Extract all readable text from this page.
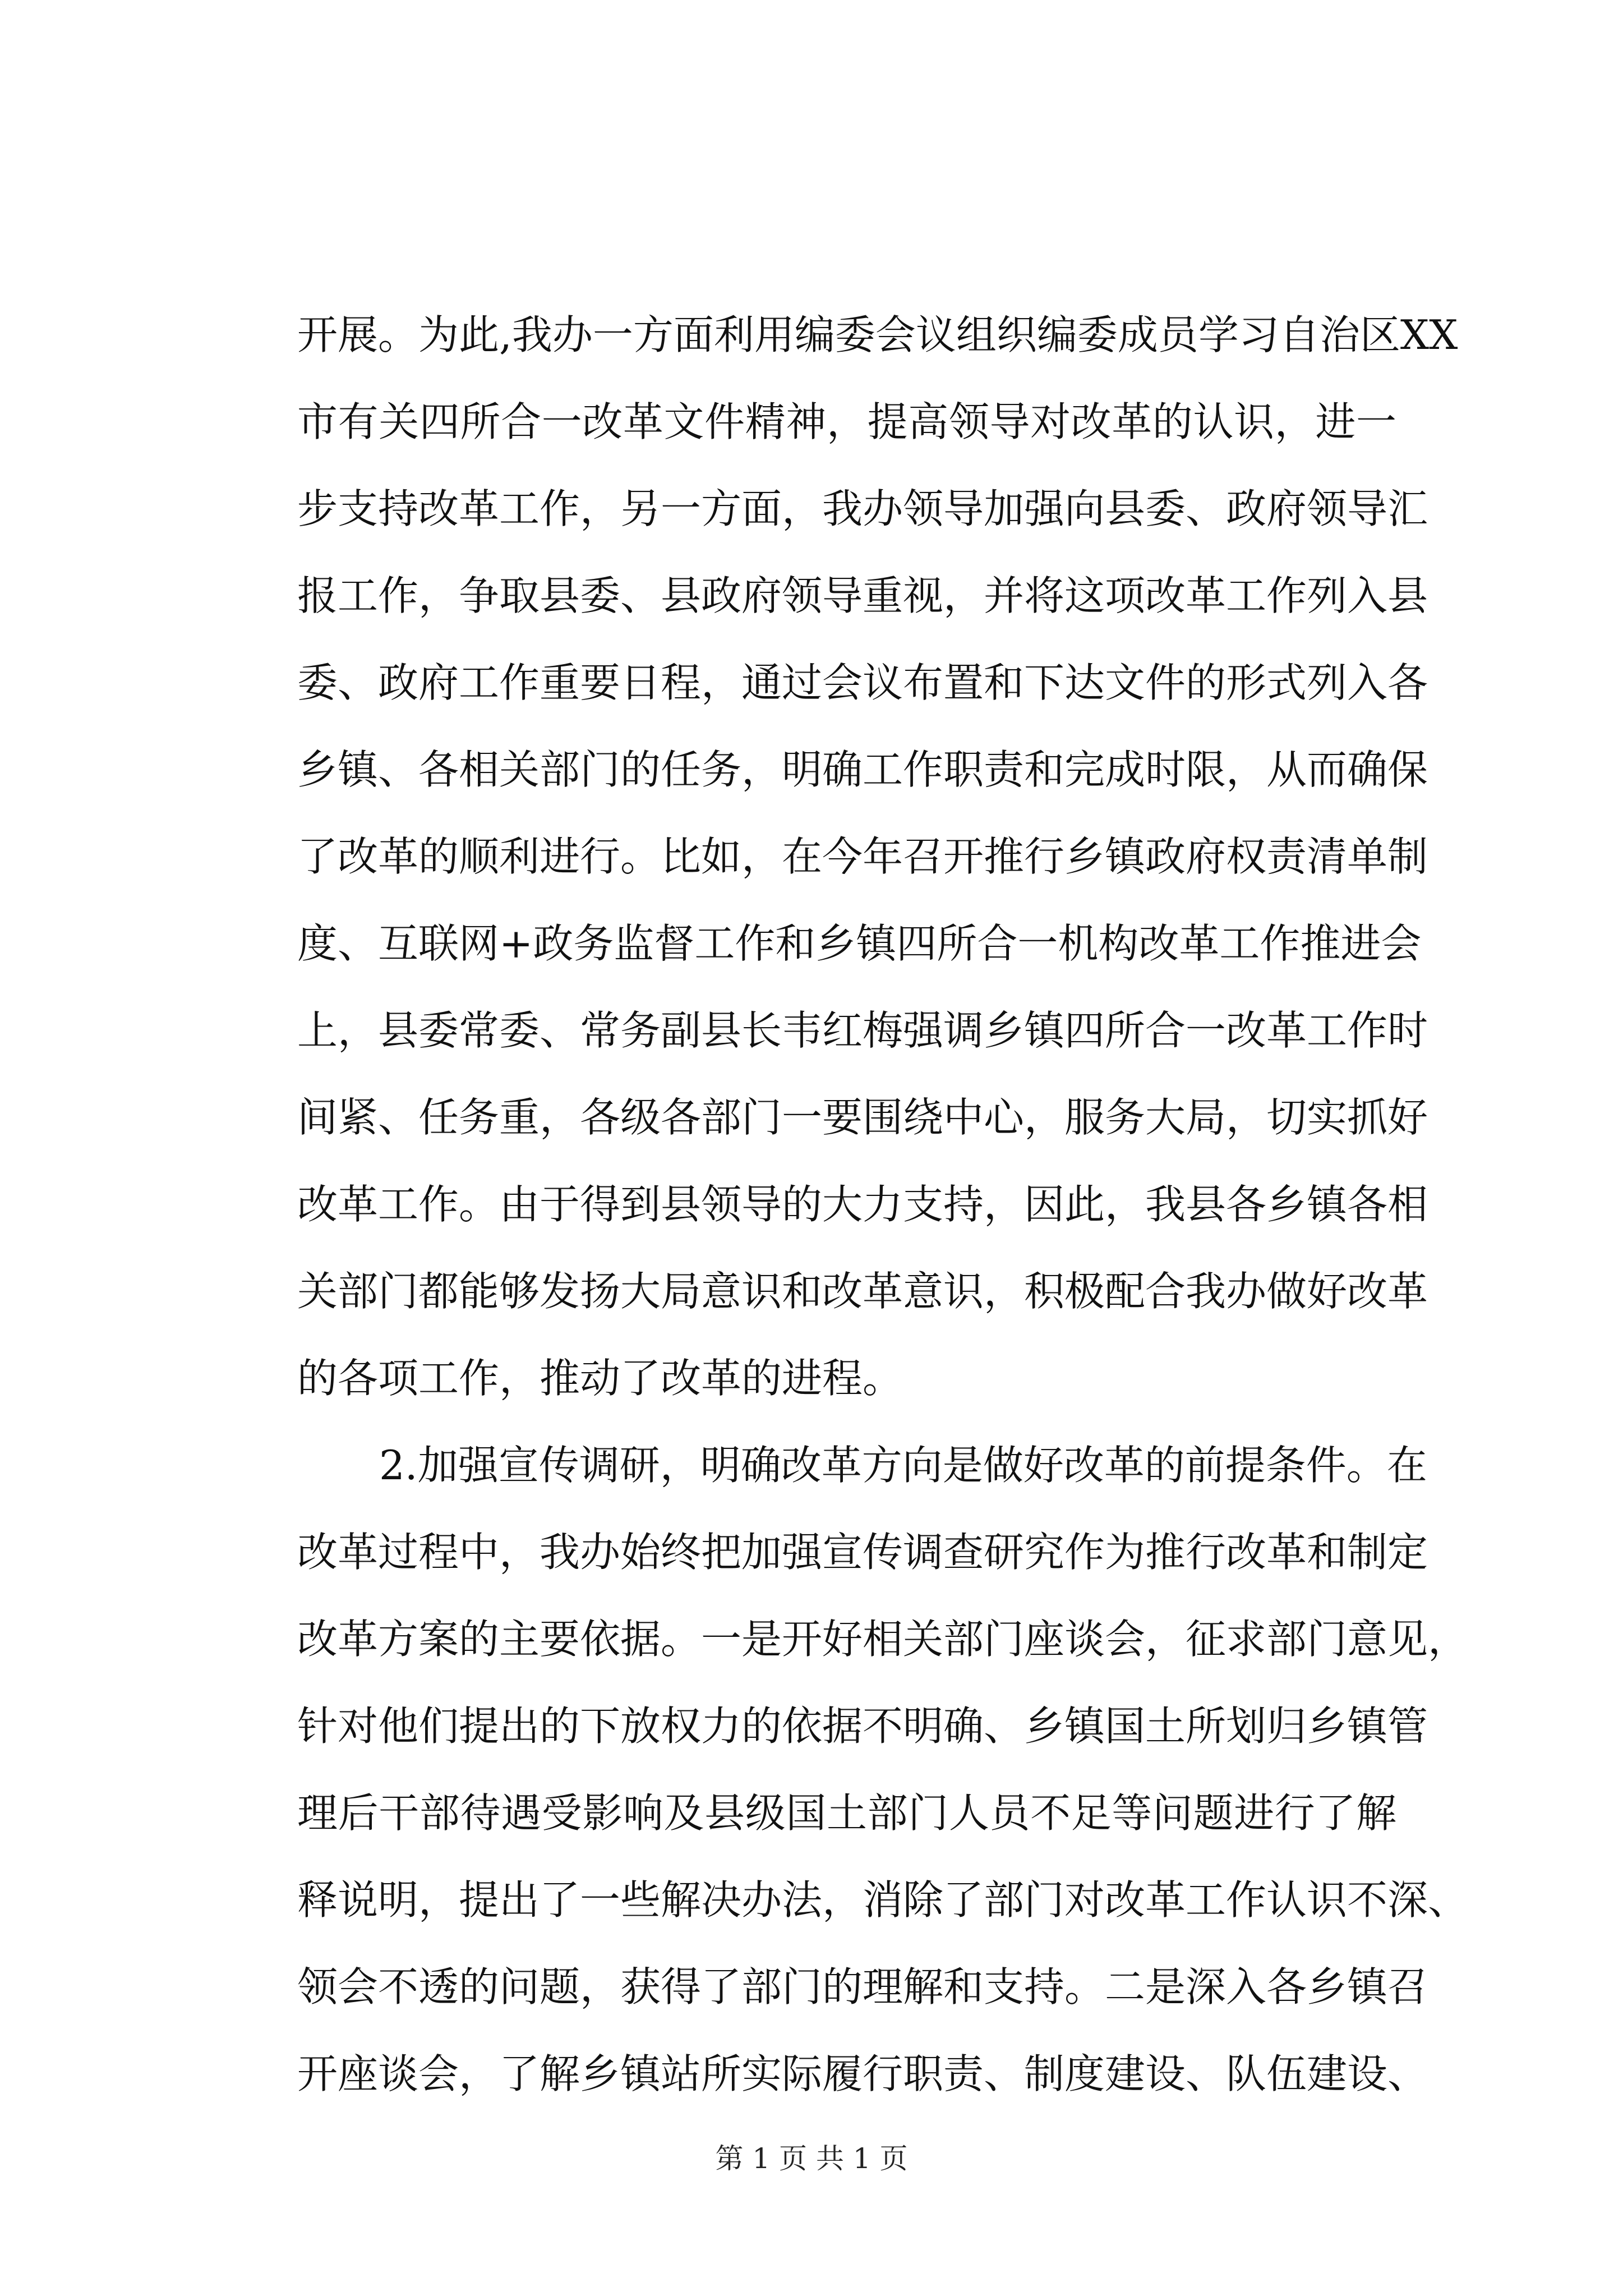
开展。为此,我办一方面利用编委会议组织编委成员学习自治区XX
市有关四所合一改革文件精神，提高领导对改革的认识，进一
步支持改革工作，另一方面，我办领导加强向县委、政府领导汇
报工作，争取县委、县政府领导重视，并将这项改革工作列入县
委、政府工作重要日程，通过会议布置和下达文件的形式列入各
乡镇、各相关部门的任务，明确工作职责和完成时限，从而确保
了改革的顺利进行。比如，在今年召开推行乡镇政府权责清单制
度、互联网+政务监督工作和乡镇四所合一机构改革工作推进会
上，县委常委、常务副县长韦红梅强调乡镇四所合一改革工作时
间紧、任务重，各级各部门一要围绕中心，服务大局，切实抓好
改革工作。由于得到县领导的大力支持，因此，我县各乡镇各相
关部门都能够发扬大局意识和改革意识，积极配合我办做好改革
的各项工作，推动了改革的进程。
2.加强宣传调研，明确改革方向是做好改革的前提条件。在
改革过程中，我办始终把加强宣传调查研究作为推行改革和制定
改革方案的主要依据。一是开好相关部门座谈会，征求部门意见，
针对他们提出的下放权力的依据不明确、乡镇国土所划归乡镇管
理后干部待遇受影响及县级国土部门人员不足等问题进行了解
释说明，提出了一些解决办法，消除了部门对改革工作认识不深、
领会不透的问题，获得了部门的理解和支持。二是深入各乡镇召
开座谈会，了解乡镇站所实际履行职责、制度建设、队伍建设、
第 1 页 共 1 页
